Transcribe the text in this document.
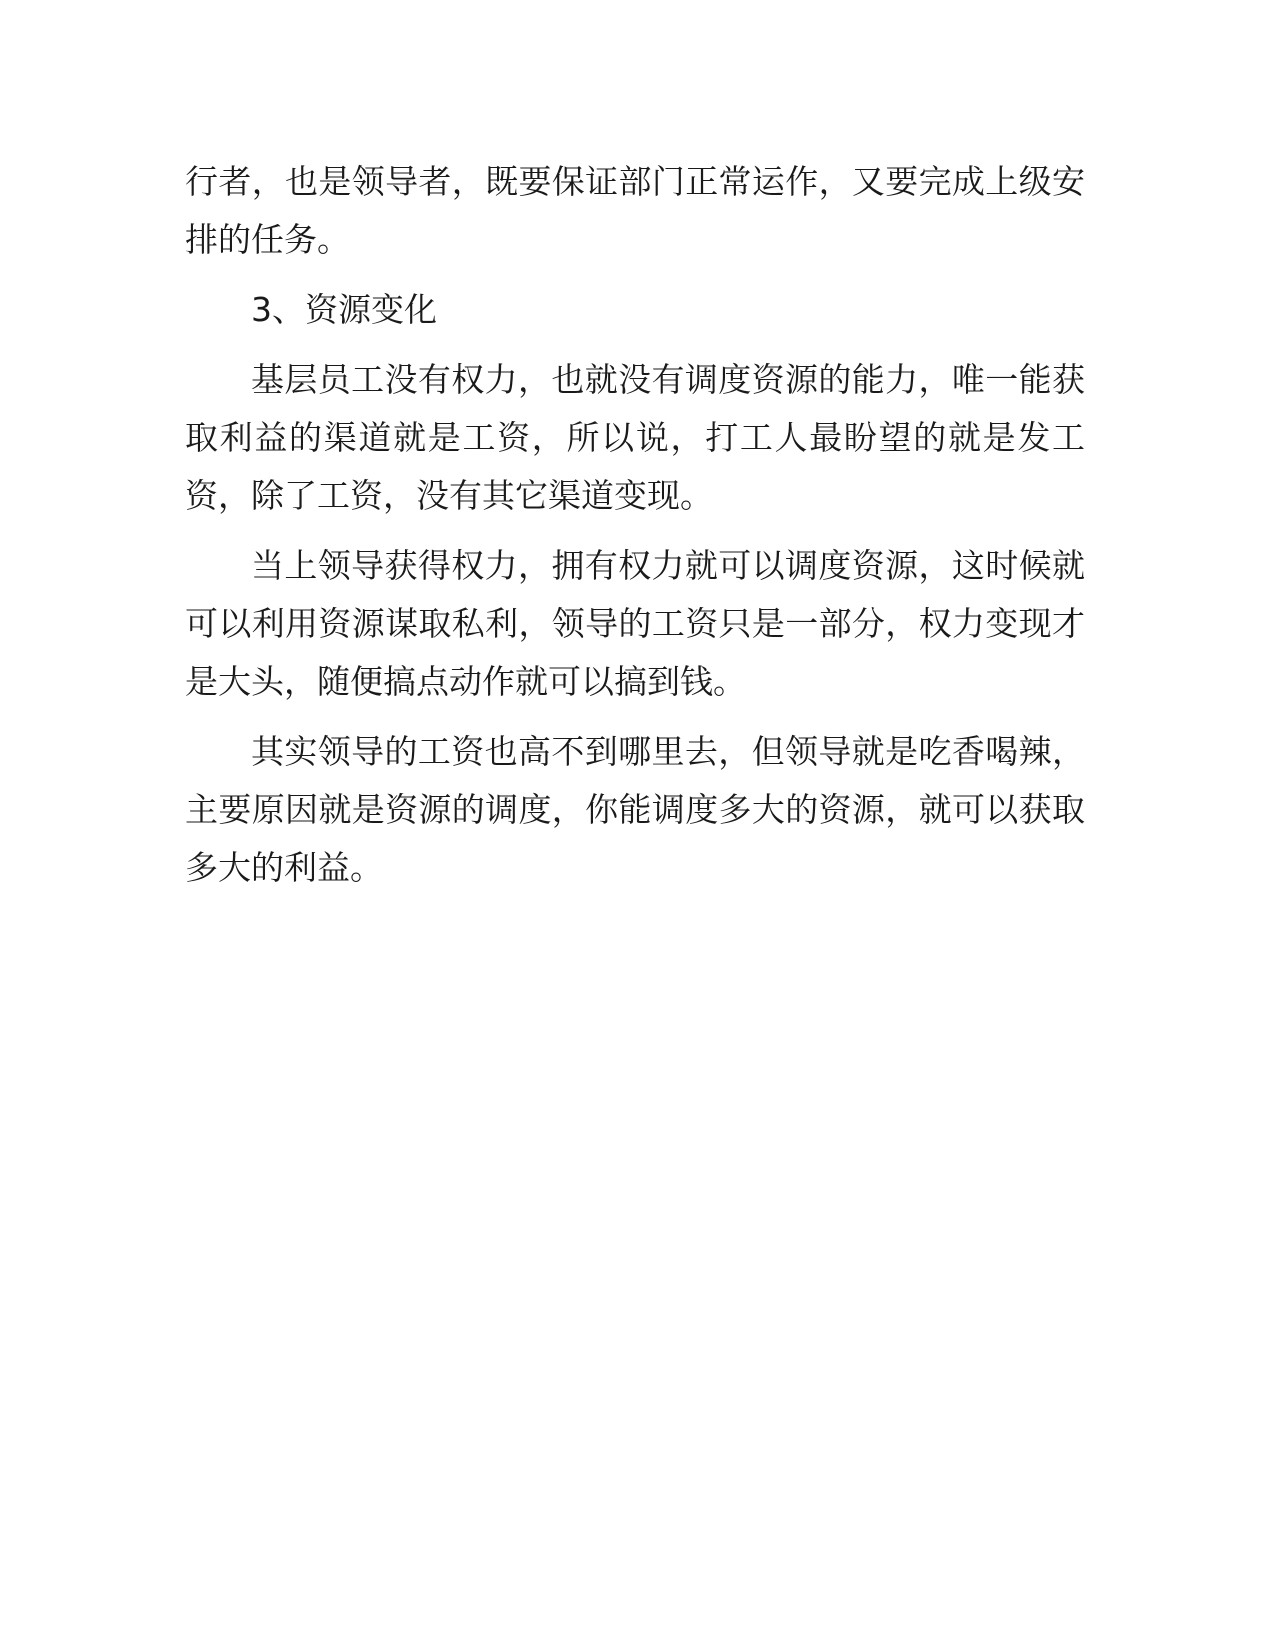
行者，也是领导者，既要保证部门正常运作，又要完成上级安排的任务。

3、资源变化

基层员工没有权力，也就没有调度资源的能力，唯一能获取利益的渠道就是工资，所以说，打工人最盼望的就是发工资，除了工资，没有其它渠道变现。

当上领导获得权力，拥有权力就可以调度资源，这时候就可以利用资源谋取私利，领导的工资只是一部分，权力变现才是大头，随便搞点动作就可以搞到钱。

其实领导的工资也高不到哪里去，但领导就是吃香喝辣，主要原因就是资源的调度，你能调度多大的资源，就可以获取多大的利益。
